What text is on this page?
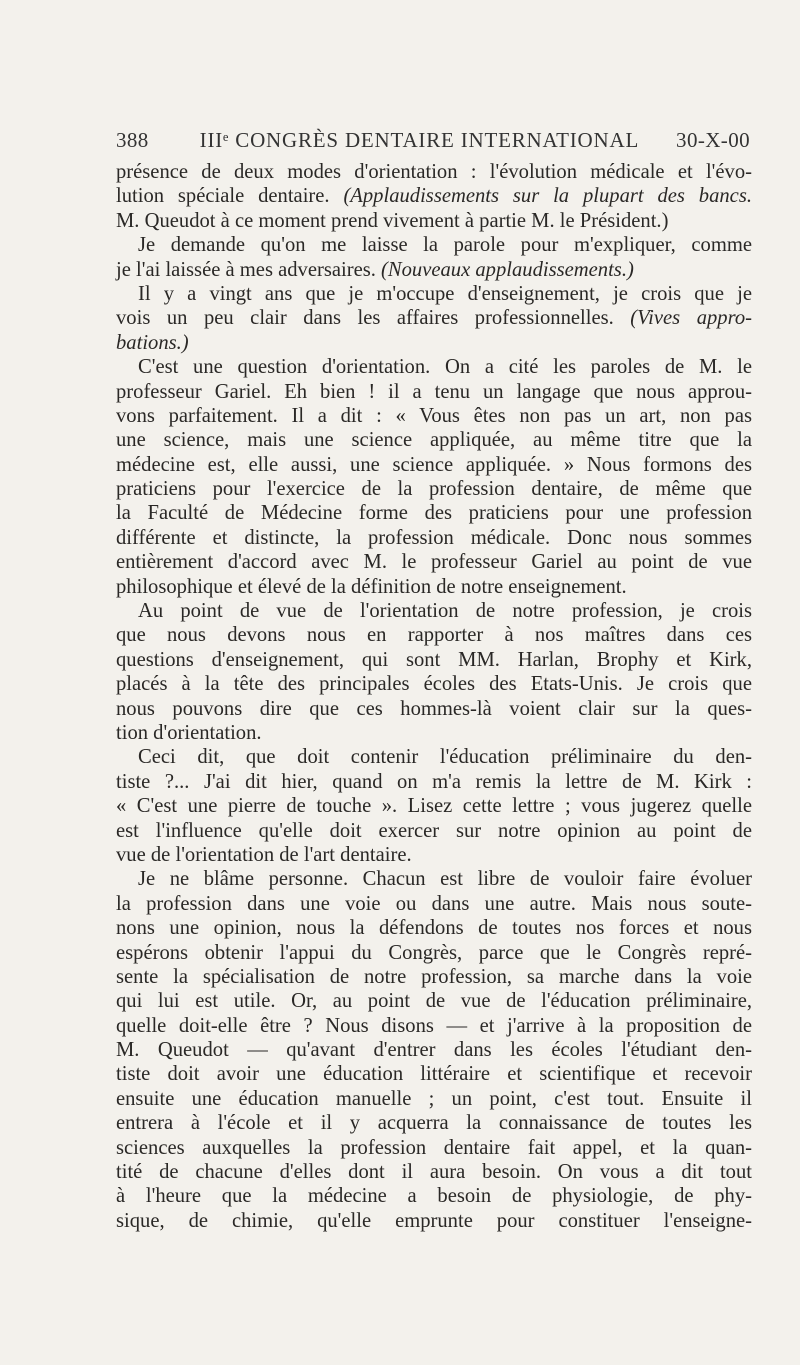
388	IIIᵉ CONGRÈS DENTAIRE INTERNATIONAL	30-X-00
présence de deux modes d'orientation : l'évolution médicale et l'évo-
lution spéciale dentaire. (Applaudissements sur la plupart des bancs.
M. Queudot à ce moment prend vivement à partie M. le Président.)
Je demande qu'on me laisse la parole pour m'expliquer, comme
je l'ai laissée à mes adversaires. (Nouveaux applaudissements.)
Il y a vingt ans que je m'occupe d'enseignement, je crois que je
vois un peu clair dans les affaires professionnelles. (Vives appro-
bations.)
C'est une question d'orientation. On a cité les paroles de M. le
professeur Gariel. Eh bien ! il a tenu un langage que nous approu-
vons parfaitement. Il a dit : « Vous êtes non pas un art, non pas
une science, mais une science appliquée, au même titre que la
médecine est, elle aussi, une science appliquée. » Nous formons des
praticiens pour l'exercice de la profession dentaire, de même que
la Faculté de Médecine forme des praticiens pour une profession
différente et distincte, la profession médicale. Donc nous sommes
entièrement d'accord avec M. le professeur Gariel au point de vue
philosophique et élevé de la définition de notre enseignement.
Au point de vue de l'orientation de notre profession, je crois
que nous devons nous en rapporter à nos maîtres dans ces
questions d'enseignement, qui sont MM. Harlan, Brophy et Kirk,
placés à la tête des principales écoles des Etats-Unis. Je crois que
nous pouvons dire que ces hommes-là voient clair sur la ques-
tion d'orientation.
Ceci dit, que doit contenir l'éducation préliminaire du den-
tiste ?... J'ai dit hier, quand on m'a remis la lettre de M. Kirk :
« C'est une pierre de touche ». Lisez cette lettre ; vous jugerez quelle
est l'influence qu'elle doit exercer sur notre opinion au point de
vue de l'orientation de l'art dentaire.
Je ne blâme personne. Chacun est libre de vouloir faire évoluer
la profession dans une voie ou dans une autre. Mais nous soute-
nons une opinion, nous la défendons de toutes nos forces et nous
espérons obtenir l'appui du Congrès, parce que le Congrès repré-
sente la spécialisation de notre profession, sa marche dans la voie
qui lui est utile. Or, au point de vue de l'éducation préliminaire,
quelle doit-elle être ? Nous disons — et j'arrive à la proposition de
M. Queudot — qu'avant d'entrer dans les écoles l'étudiant den-
tiste doit avoir une éducation littéraire et scientifique et recevoir
ensuite une éducation manuelle ; un point, c'est tout. Ensuite il
entrera à l'école et il y acquerra la connaissance de toutes les
sciences auxquelles la profession dentaire fait appel, et la quan-
tité de chacune d'elles dont il aura besoin. On vous a dit tout
à l'heure que la médecine a besoin de physiologie, de phy-
sique, de chimie, qu'elle emprunte pour constituer l'enseigne-
